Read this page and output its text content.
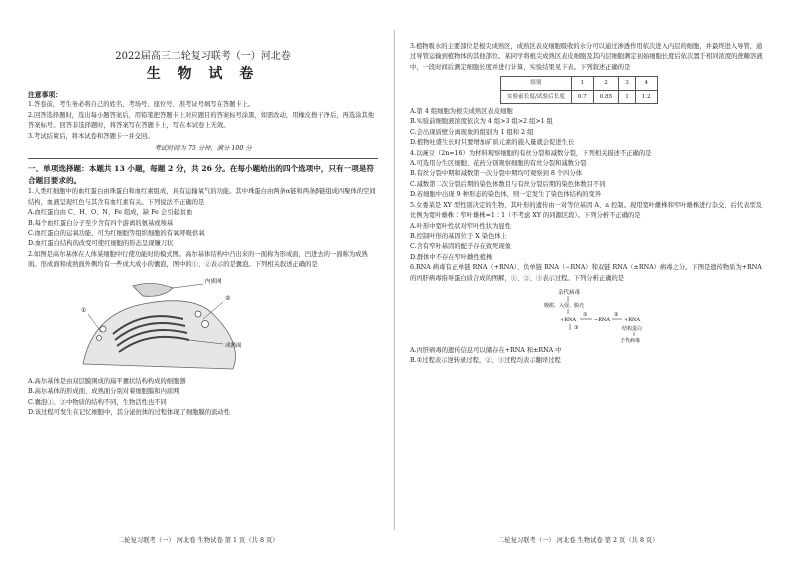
2022届高三二轮复习联考（一）河北卷
生 物 试 卷
注意事项：

1.答卷前，考生务必将自己的姓名、考场号、座位号、准考证号填写在答题卡上。

2.回答选择题时，选出每小题答案后，用铅笔把答题卡上对应题目的答案标号涂黑，如需改动，用橡皮擦干净后，再选涂其他答案标号。回答非选择题时，将答案写在答题卡上，写在本试卷上无效。

3.考试结束后，将本试卷和答题卡一并交回。

考试时间为 75 分钟，满分 100 分
一、单项选择题：本题共 13 小题，每题 2 分，共 26 分。在每小题给出的四个选项中，只有一项是符合题目要求的。

1.人类红细胞中的血红蛋白由珠蛋白和血红素组成，具有运输氧气的功能。其中珠蛋白由两条α链和两条β链组成四聚体的空间结构，血液呈现红色与其含有血红素有关。下列说法不正确的是

A.血红蛋白由 C、H、O、N、Fe 组成，缺 Fe 会引起贫血

B.每个血红蛋白分子至少含有四个游离的氨基或羧基

C.血红蛋白的运氧功能，可为红细胞等组织细胞的有氧呼吸供氧

D.血红蛋白结构的改变可使红细胞的形态呈现镰刀状

2.如图是高尔基体在人体某细胞中行使功能时的模式图。高尔基体结构中凸出来的一面称为形成面，凹进去的一面称为成熟面。形成面和成熟面外侧均有一些成大成小的囊泡，图中的①、②表示的是囊泡。下列相关叙述正确的是

①
②
内质网
成熟面

A.高尔基体是由双层膜围成的扁平囊状结构构成的细胞器

B.高尔基体的形成面、成熟面分别对着细胞膜和内质网

C.囊泡①、②中物质的结构不同，生物活性也不同

D.该过程可发生在记忆细胞中，其分泌抗体的过程体现了细胞膜的流动性

3.植物吸水的主要部位是根尖成熟区，成熟区表皮细胞吸收的水分可以通过渗透作用依次进入内层的细胞，并最终进入导管，通过导管运输到植物体的其他部位。某同学将根尖成熟区表皮细胞及其内层细胞测定初始细胞长度后依次置于相同浓度的蔗糖溶液中，一段时间后测定细胞长度并进行计算，实验结果见下表。下列叙述正确的是

组别	1	2	3	4
实验前长度/试验后长度	0.7	0.85	1	1.2

A.第 4 组细胞为根尖成熟区表皮细胞

B.实验前细胞液浓度依次为 4 组>3 组>2 组>1 组

C.会出现质壁分离现象的组别为 1 组和 2 组

D.植物吐盛生长时只要增加矿质元素的施入量就会促进生长

4.以豌豆（2n=16）为材料观察细胞的有丝分裂和减数分裂，下列相关描述不正确的是

A.可选用分生区细胞、花药分别观察细胞的有丝分裂和减数分裂

B.有丝分裂中期和减数第一次分裂中期均可观察到 8 个四分体

C.减数第二次分裂后期的染色体数目与有丝分裂后期的染色体数目不同

D.若细胞中出现 9 种形态的染色体，则一定发生了染色体结构的变异

5.女娄菜是 XY 型性别决定的生物，其叶形的遗传由一对等位基因 A、a 控制。现用宽叶雌株和窄叶雄株进行杂交，后代表型及比例为宽叶雄株∶窄叶雄株=1∶1（不考虑 XY 的同源区段）。下列分析不正确的是

A.叶形中宽叶性状对窄叶性状为显性

B.控制叶形的基因位于 X 染色体上

C.含有窄叶基因的配子存在致死现象

D.群体中不存在窄叶雌性植株

6.RNA 病毒有正单链 RNA（+RNA）、负单链 RNA（−RNA）和双链 RNA（±RNA）病毒之分。下图是遗传物质为+RNA 的丙肝病毒指导蛋白质合成的图解，①、②、③表示过程。下列分析正确的是

亲代病毒
吸附、入侵、脱壳
+RNA
①
−RNA
②
+RNA
③	结构蛋白
子代病毒

A.丙肝病毒的遗传信息可以储存在+RNA 和±RNA 中

B.①过程表示逆转录过程，②、③过程均表示翻译过程

二轮复习联考（一） 河北卷 生物试卷 第 1 页（共 8 页）	二轮复习联考（一） 河北卷 生物试卷 第 2 页（共 8 页）
